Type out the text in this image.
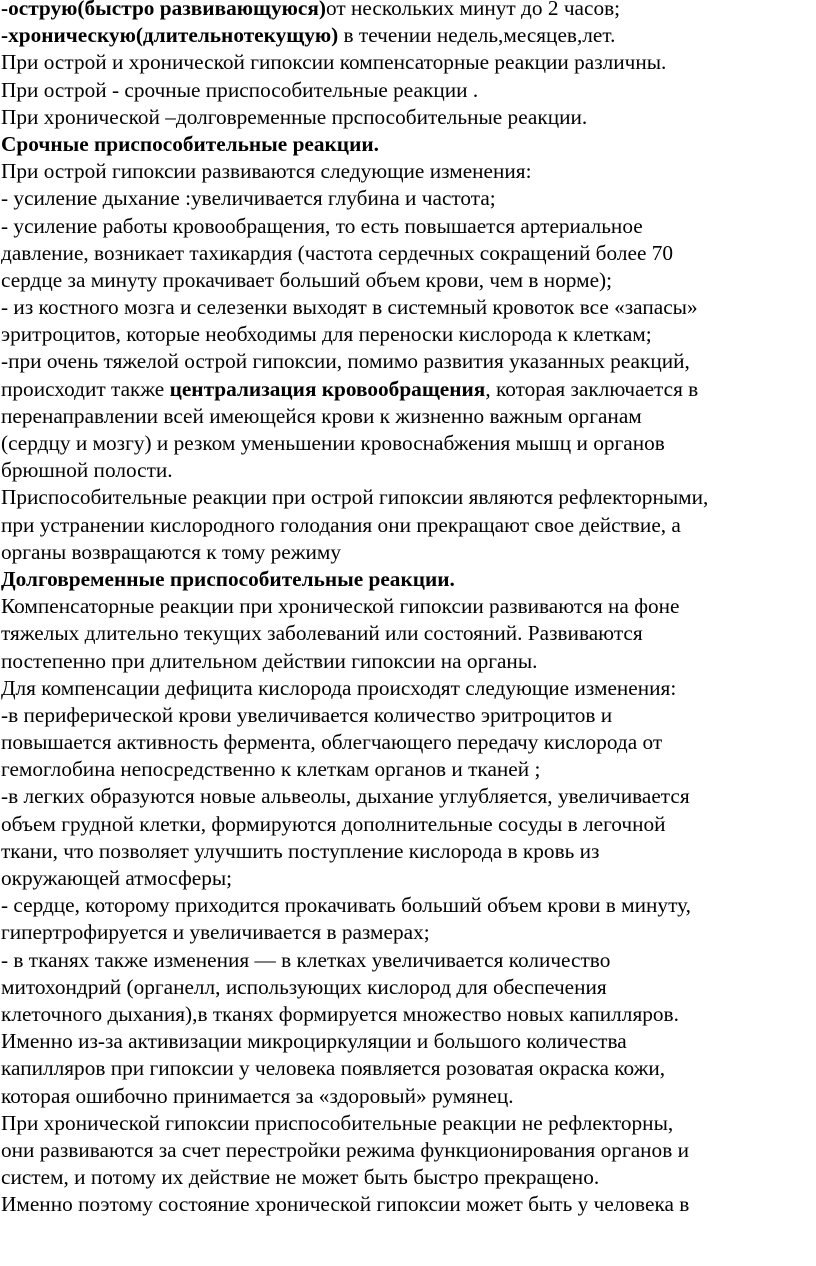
-острую(быстро развивающуюся)от нескольких минут до 2 часов;
-хроническую(длительнотекущую) в течении недель,месяцев,лет.
При острой и хронической гипоксии компенсаторные реакции различны.
При острой - срочные приспособительные реакции .
При хронической –долговременные прспособительные реакции.
Срочные приспособительные реакции.
При острой гипоксии развиваются следующие изменения:
- усиление дыхание :увеличивается глубина и частота;
- усиление работы кровообращения, то есть повышается артериальное
давление, возникает тахикардия (частота сердечных сокращений более 70
сердце за минуту прокачивает больший объем крови, чем в норме);
- из костного мозга и селезенки выходят в системный кровоток все «запасы»
эритроцитов, которые необходимы для переноски кислорода к клеткам;
-при очень тяжелой острой гипоксии, помимо развития указанных реакций,
происходит также централизация кровообращения, которая заключается в
перенаправлении всей имеющейся крови к жизненно важным органам
(сердцу и мозгу) и резком уменьшении кровоснабжения мышц и органов
брюшной полости.
Приспособительные реакции при острой гипоксии являются рефлекторными,
при устранении кислородного голодания они прекращают свое действие, а
органы возвращаются к тому режиму
Долговременные приспособительные реакции.
Компенсаторные реакции при хронической гипоксии развиваются на фоне
тяжелых длительно текущих заболеваний или состояний. Развиваются
постепенно при длительном действии гипоксии на органы.
Для компенсации дефицита кислорода происходят следующие изменения:
-в периферической крови увеличивается количество эритроцитов и
повышается активность фермента, облегчающего передачу кислорода от
гемоглобина непосредственно к клеткам органов и тканей ;
-в легких образуются новые альвеолы, дыхание углубляется, увеличивается
объем грудной клетки, формируются дополнительные сосуды в легочной
ткани, что позволяет улучшить поступление кислорода в кровь из
окружающей атмосферы;
- сердце, которому приходится прокачивать больший объем крови в минуту,
гипертрофируется и увеличивается в размерах;
- в тканях также изменения — в клетках увеличивается количество
митохондрий (органелл, использующих кислород для обеспечения
клеточного дыхания),в тканях формируется множество новых капилляров.
Именно из-за активизации микроциркуляции и большого количества
капилляров при гипоксии у человека появляется розоватая окраска кожи,
которая ошибочно принимается за «здоровый» румянец.
При хронической гипоксии приспособительные реакции не рефлекторны,
они развиваются за счет перестройки режима функционирования органов и
систем, и потому их действие не может быть быстро прекращено.
Именно поэтому состояние хронической гипоксии может быть у человека в
